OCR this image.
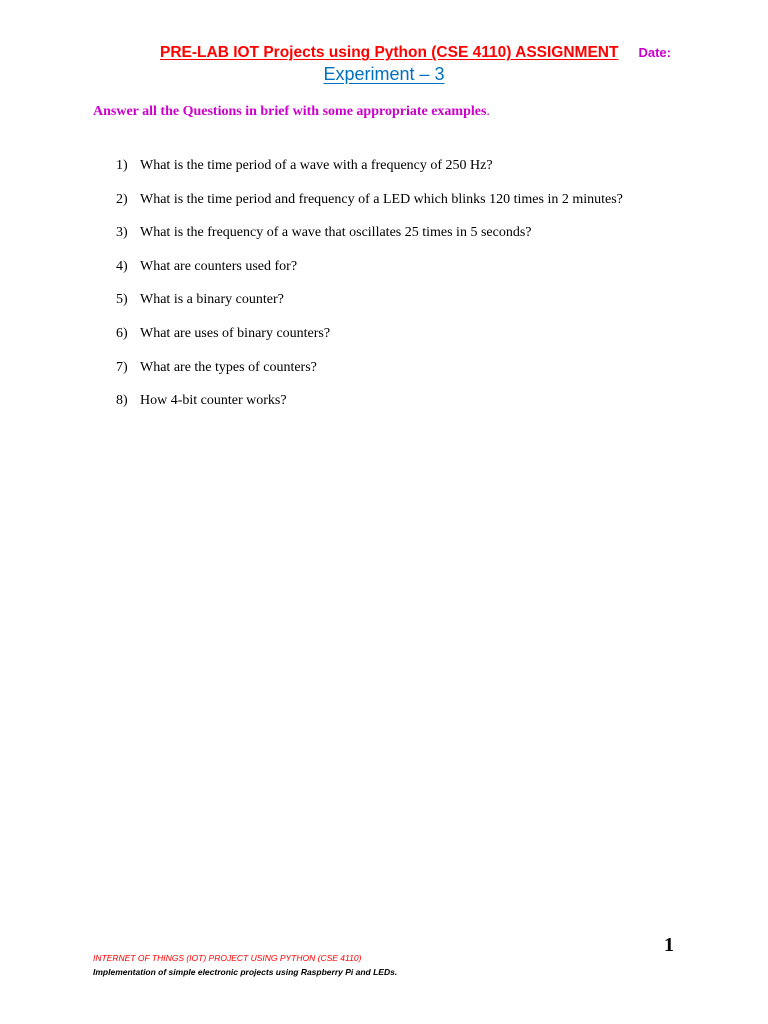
PRE-LAB IOT Projects using Python (CSE 4110) ASSIGNMENT Date:
Experiment – 3
Answer all the Questions in brief with some appropriate examples.
1) What is the time period of a wave with a frequency of 250 Hz?
2) What is the time period and frequency of a LED which blinks 120 times in 2 minutes?
3) What is the frequency of a wave that oscillates 25 times in 5 seconds?
4) What are counters used for?
5) What is a binary counter?
6) What are uses of binary counters?
7) What are the types of counters?
8) How 4-bit counter works?
1
INTERNET OF THINGS (IOT) PROJECT USING PYTHON (CSE 4110)
Implementation of simple electronic projects using Raspberry Pi and LEDs.
